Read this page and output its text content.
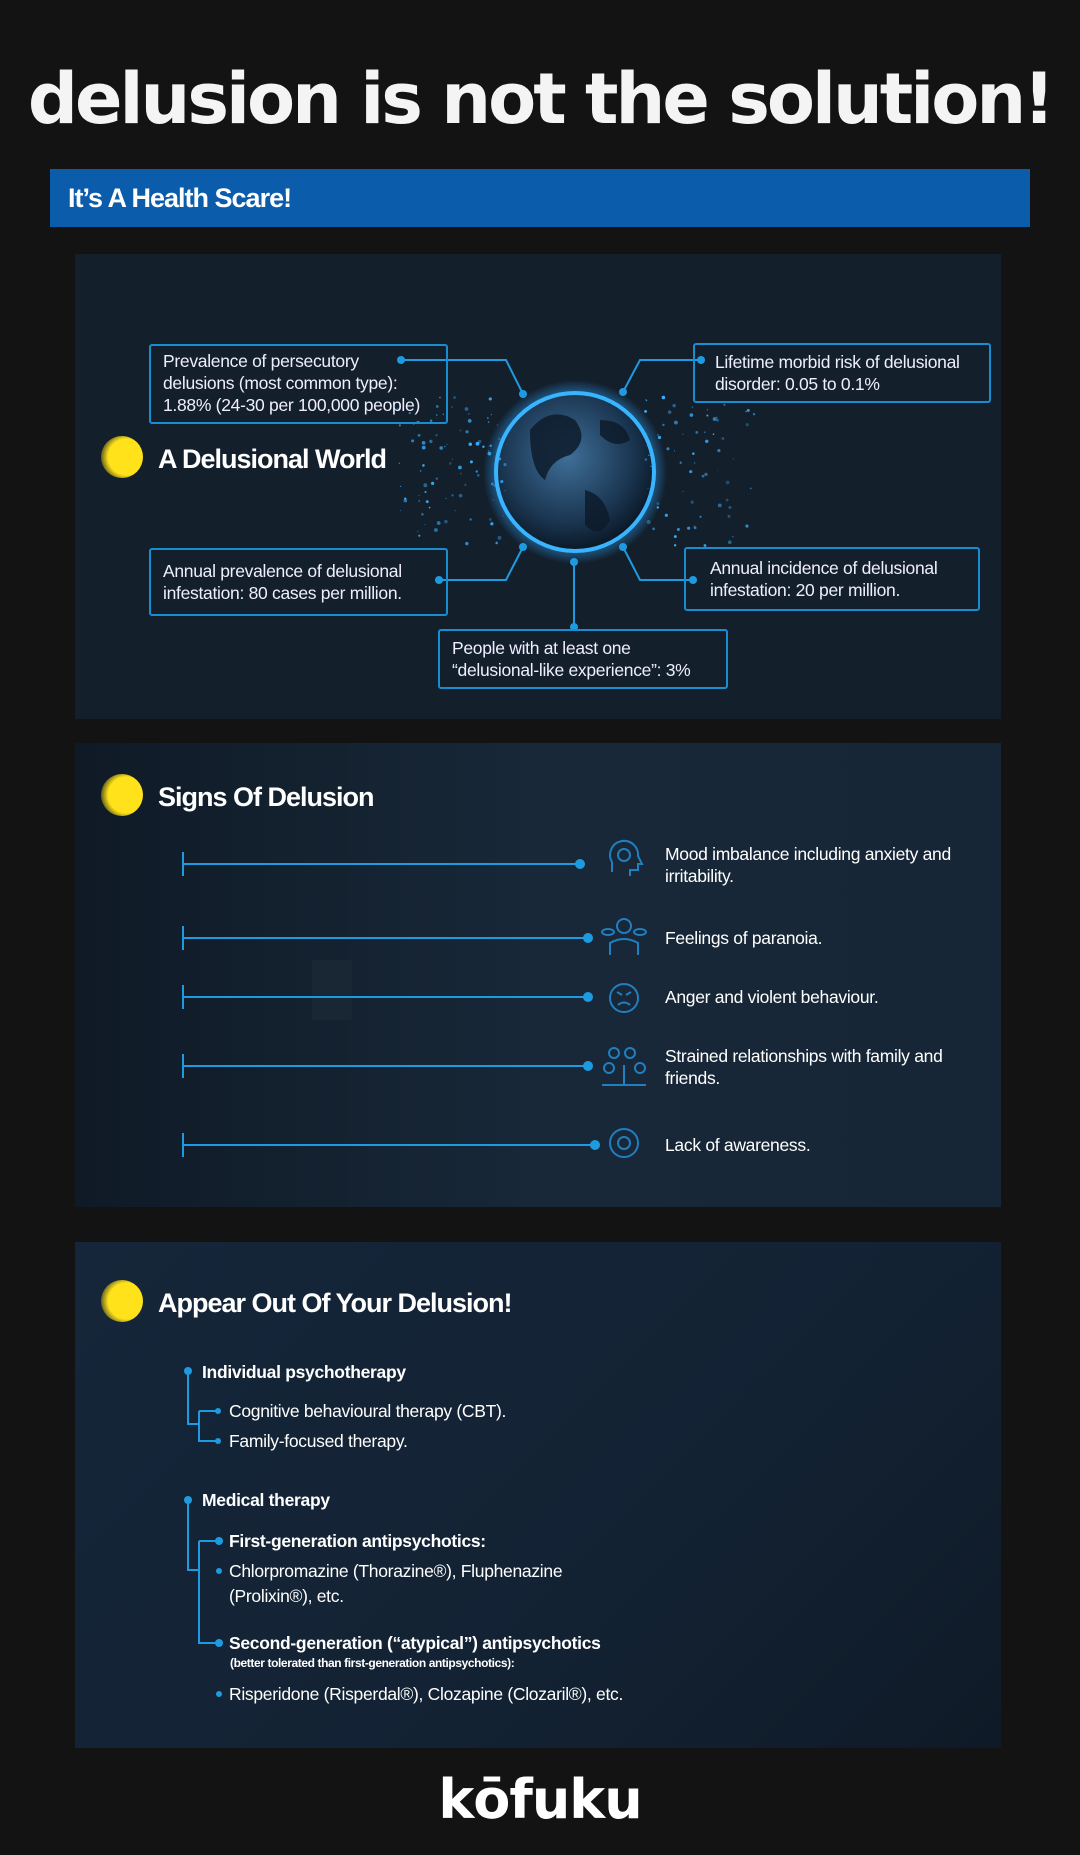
delusion is not the solution!
It’s A Health Scare!
A Delusional World
Prevalence of persecutory delusions (most common type): 1.88% (24-30 per 100,000 people)
Lifetime morbid risk of delusional disorder: 0.05 to 0.1%
Annual prevalence of delusional infestation: 80 cases per million.
Annual incidence of delusional infestation: 20 per million.
People with at least one “delusional-like experience”: 3%
Signs Of Delusion
Mood imbalance including anxiety and irritability.
Feelings of paranoia.
Anger and violent behaviour.
Strained relationships with family and friends.
Lack of awareness.
Appear Out Of Your Delusion!
Individual psychotherapy
Cognitive behavioural therapy (CBT).
Family-focused therapy.
Medical therapy
First-generation antipsychotics:
Chlorpromazine (Thorazine®), Fluphenazine
(Prolixin®), etc.
Second-generation (“atypical”) antipsychotics
(better tolerated than first-generation antipsychotics):
Risperidone (Risperdal®), Clozapine (Clozaril®), etc.
kōfuku
